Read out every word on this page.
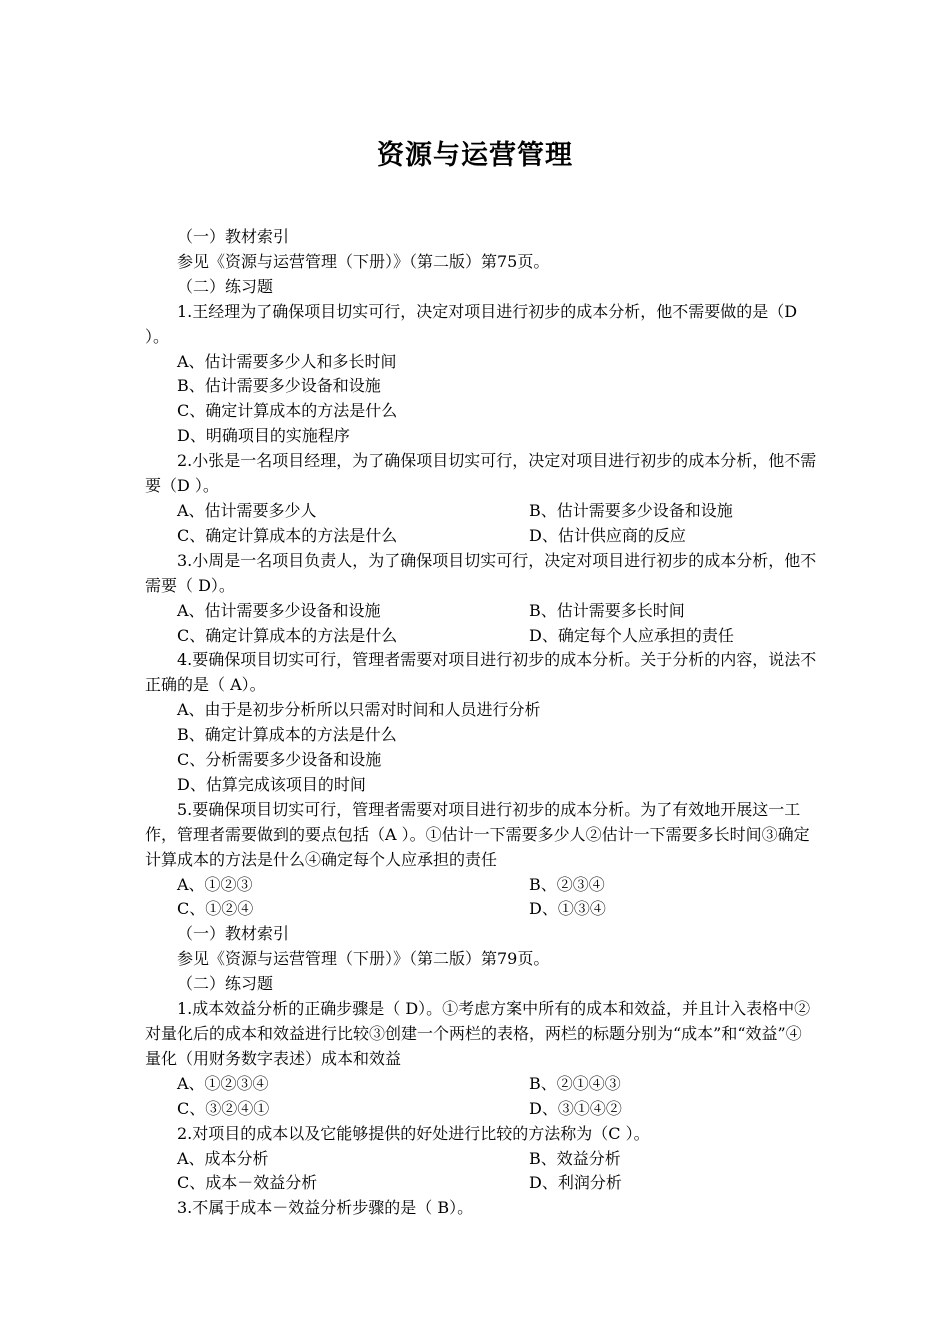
资源与运营管理

（一）教材索引

参见《资源与运营管理（下册）》（第二版）第75页。

（二）练习题

1.王经理为了确保项目切实可行，决定对项目进行初步的成本分析，他不需要做的是（D ）。

A、估计需要多少人和多长时间

B、估计需要多少设备和设施

C、确定计算成本的方法是什么

D、明确项目的实施程序

2.小张是一名项目经理，为了确保项目切实可行，决定对项目进行初步的成本分析，他不需要（D ）。

A、估计需要多少人	B、估计需要多少设备和设施
C、确定计算成本的方法是什么	D、估计供应商的反应

3.小周是一名项目负责人，为了确保项目切实可行，决定对项目进行初步的成本分析，他不需要（ D）。

A、估计需要多少设备和设施	B、估计需要多长时间
C、确定计算成本的方法是什么	D、确定每个人应承担的责任

4.要确保项目切实可行，管理者需要对项目进行初步的成本分析。关于分析的内容，说法不正确的是（ A）。

A、由于是初步分析所以只需对时间和人员进行分析

B、确定计算成本的方法是什么

C、分析需要多少设备和设施

D、估算完成该项目的时间

5.要确保项目切实可行，管理者需要对项目进行初步的成本分析。为了有效地开展这一工作，管理者需要做到的要点包括（A ）。①估计一下需要多少人②估计一下需要多长时间③确定计算成本的方法是什么④确定每个人应承担的责任

A、①②③	B、②③④
C、①②④	D、①③④

（一）教材索引

参见《资源与运营管理（下册）》（第二版）第79页。

（二）练习题

1.成本效益分析的正确步骤是（ D）。①考虑方案中所有的成本和效益，并且计入表格中②对量化后的成本和效益进行比较③创建一个两栏的表格，两栏的标题分别为“成本”和“效益”④量化（用财务数字表述）成本和效益

A、①②③④	B、②①④③
C、③②④①	D、③①④②

2.对项目的成本以及它能够提供的好处进行比较的方法称为（C ）。

A、成本分析	B、效益分析
C、成本－效益分析	D、利润分析

3.不属于成本－效益分析步骤的是（ B）。
